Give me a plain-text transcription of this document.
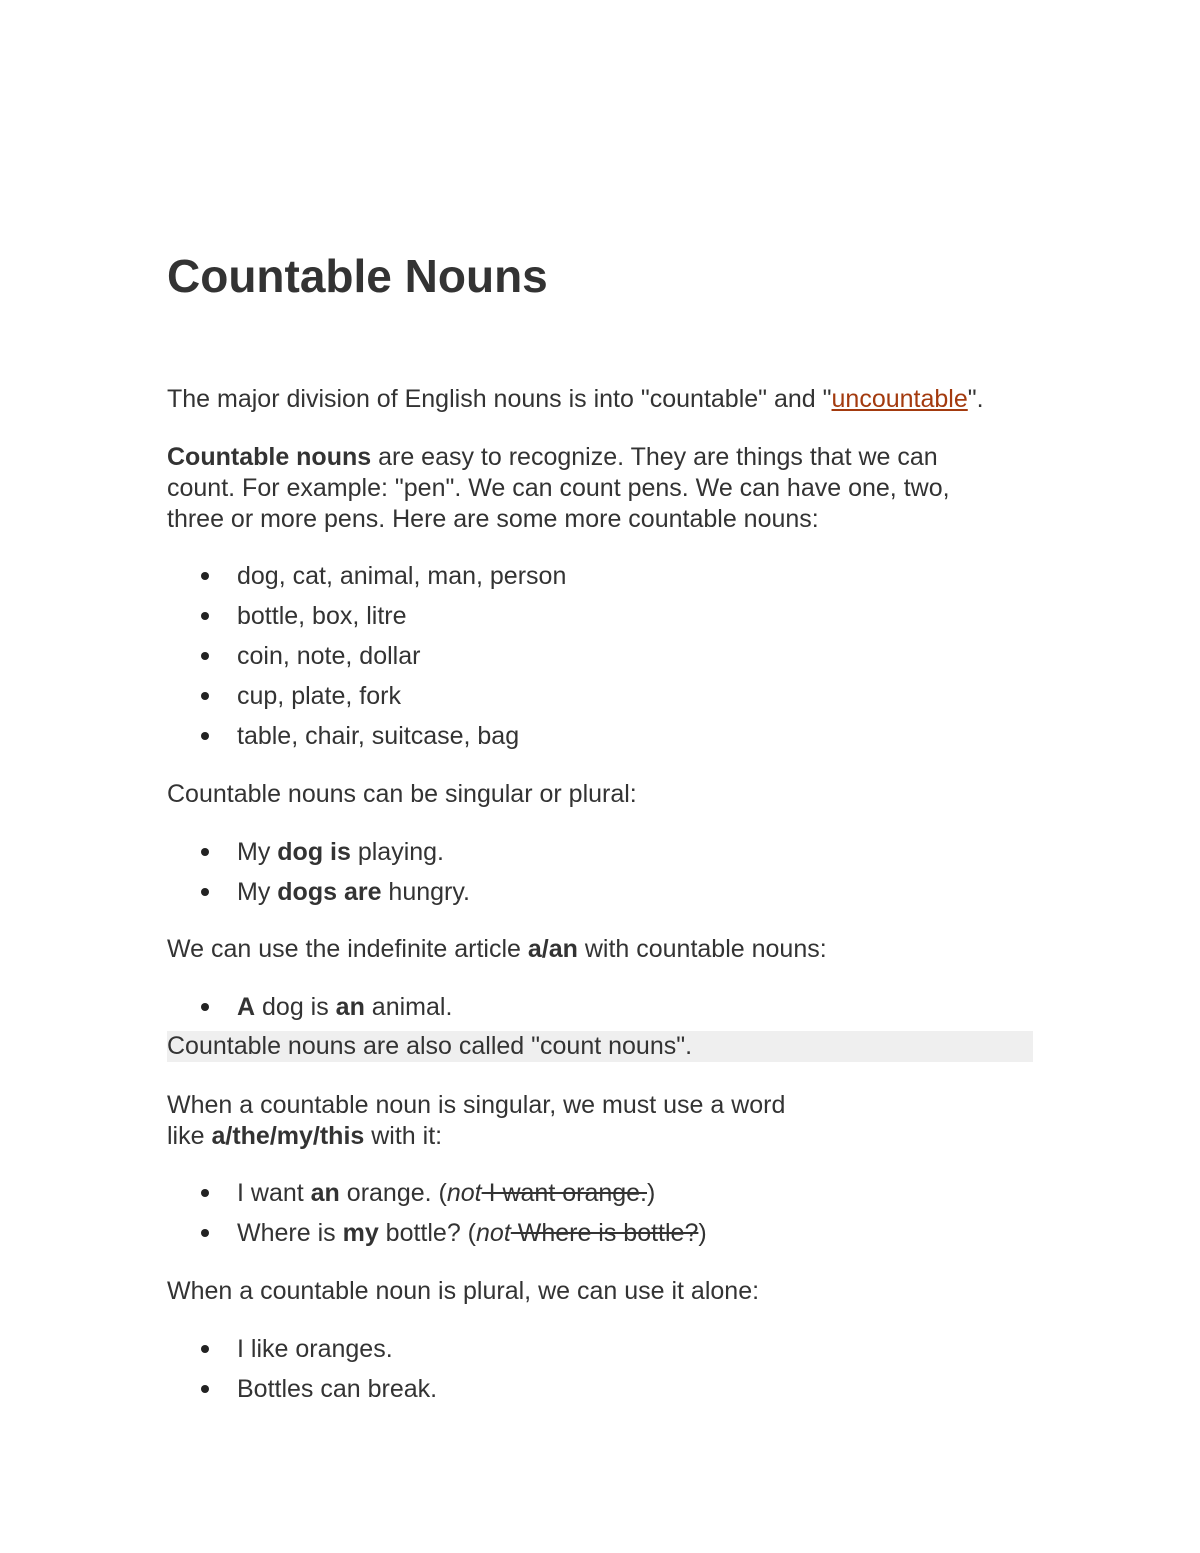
Countable Nouns

The major division of English nouns is into "countable" and "uncountable".

Countable nouns are easy to recognize. They are things that we can
count. For example: "pen". We can count pens. We can have one, two,
three or more pens. Here are some more countable nouns:
dog, cat, animal, man, person
bottle, box, litre
coin, note, dollar
cup, plate, fork
table, chair, suitcase, bag

Countable nouns can be singular or plural:

My dog is playing.
My dogs are hungry.

We can use the indefinite article a/an with countable nouns:

A dog is an animal.
Countable nouns are also called "count nouns".
When a countable noun is singular, we must use a word
like a/the/my/this with it:
I want an orange. (not I want orange.)
Where is my bottle? (not Where is bottle?)

When a countable noun is plural, we can use it alone:

I like oranges.
Bottles can break.
